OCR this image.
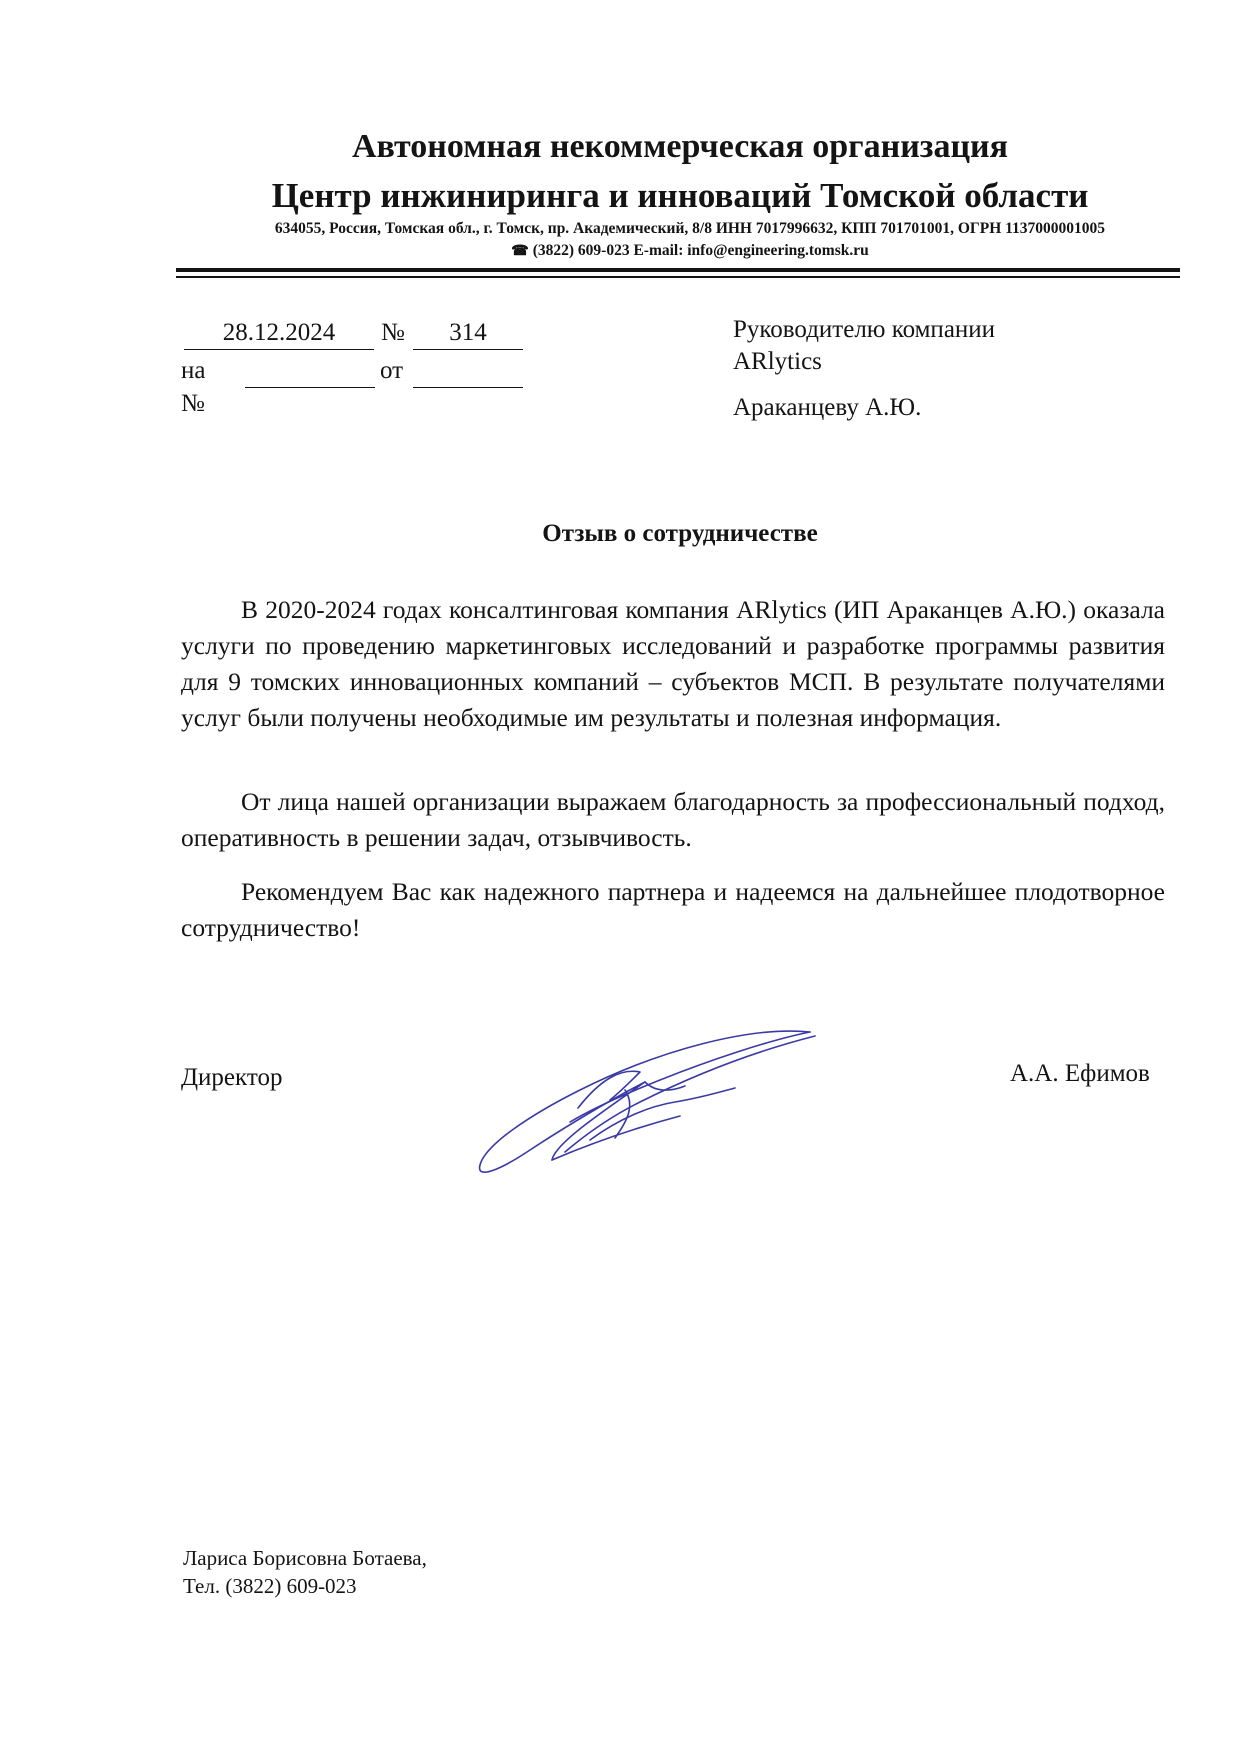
Автономная некоммерческая организация
Центр инжиниринга и инноваций Томской области
634055, Россия, Томская обл., г. Томск, пр. Академический, 8/8 ИНН 7017996632, КПП 701701001, ОГРН 1137000001005
☎ (3822) 609-023 E-mail: info@engineering.tomsk.ru
28.12.2024	№	314
на №
от
Руководителю компании
ARlytics
Араканцеву А.Ю.
Отзыв о сотрудничестве
В 2020-2024 годах консалтинговая компания ARlytics (ИП Араканцев А.Ю.) оказала услуги по проведению маркетинговых исследований и разработке программы развития для 9 томских инновационных компаний – субъектов МСП. В результате получателями услуг были получены необходимые им результаты и полезная информация.
От лица нашей организации выражаем благодарность за профессиональный подход, оперативность в решении задач, отзывчивость.
Рекомендуем Вас как надежного партнера и надеемся на дальнейшее плодотворное сотрудничество!
Директор	А.А. Ефимов
Лариса Борисовна Ботаева,
Тел. (3822) 609-023
